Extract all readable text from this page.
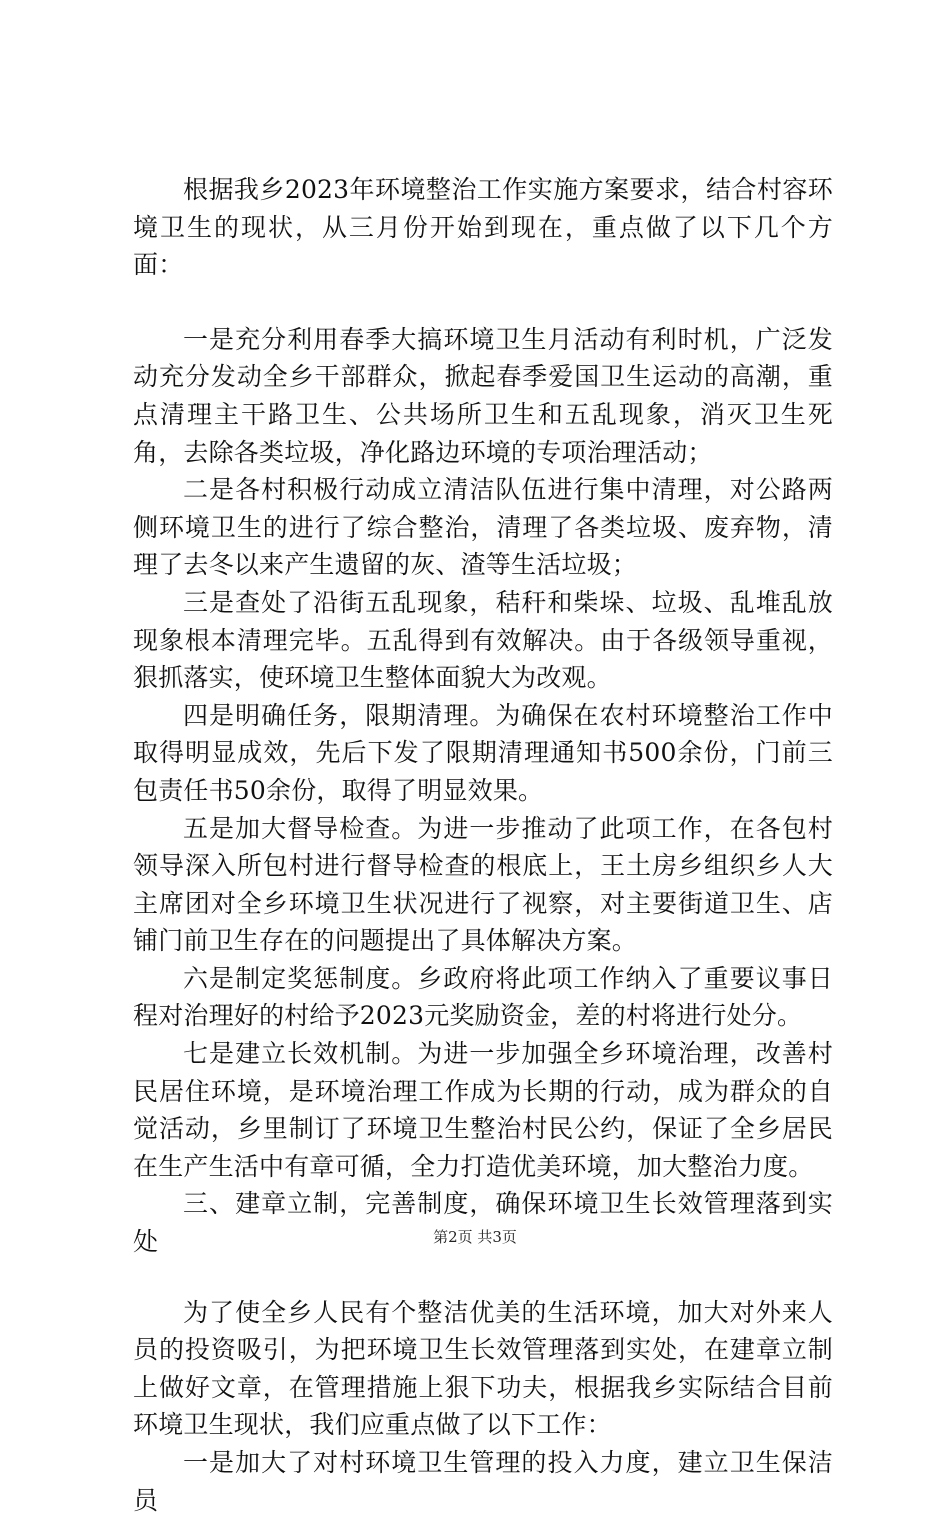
根据我乡2023年环境整治工作实施方案要求，结合村容环境卫生的现状，从三月份开始到现在，重点做了以下几个方面：

一是充分利用春季大搞环境卫生月活动有利时机，广泛发动充分发动全乡干部群众，掀起春季爱国卫生运动的高潮，重点清理主干路卫生、公共场所卫生和五乱现象，消灭卫生死角，去除各类垃圾，净化路边环境的专项治理活动；

二是各村积极行动成立清洁队伍进行集中清理，对公路两侧环境卫生的进行了综合整治，清理了各类垃圾、废弃物，清理了去冬以来产生遗留的灰、渣等生活垃圾；

三是查处了沿街五乱现象，秸秆和柴垛、垃圾、乱堆乱放现象根本清理完毕。五乱得到有效解决。由于各级领导重视，狠抓落实，使环境卫生整体面貌大为改观。

四是明确任务，限期清理。为确保在农村环境整治工作中取得明显成效，先后下发了限期清理通知书500余份，门前三包责任书50余份，取得了明显效果。

五是加大督导检查。为进一步推动了此项工作，在各包村领导深入所包村进行督导检查的根底上，王土房乡组织乡人大主席团对全乡环境卫生状况进行了视察，对主要街道卫生、店铺门前卫生存在的问题提出了具体解决方案。

六是制定奖惩制度。乡政府将此项工作纳入了重要议事日程对治理好的村给予2023元奖励资金，差的村将进行处分。

七是建立长效机制。为进一步加强全乡环境治理，改善村民居住环境，是环境治理工作成为长期的行动，成为群众的自觉活动，乡里制订了环境卫生整治村民公约，保证了全乡居民在生产生活中有章可循，全力打造优美环境，加大整治力度。

三、建章立制，完善制度，确保环境卫生长效管理落到实处

为了使全乡人民有个整洁优美的生活环境，加大对外来人员的投资吸引，为把环境卫生长效管理落到实处，在建章立制上做好文章，在管理措施上狠下功夫，根据我乡实际结合目前环境卫生现状，我们应重点做了以下工作：

一是加大了对村环境卫生管理的投入力度，建立卫生保洁员

第2页 共3页
